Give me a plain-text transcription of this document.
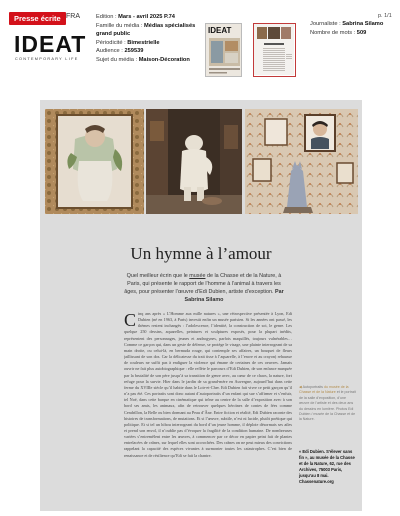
Presse écrite FRA
IDEAT
CONTEMPORARY LIFE
Edition : Mars - avril 2025 P.74
Famille du média : Médias spécialisés grand public
Périodicité : Bimestrielle
Audience : 259539
Sujet du média : Maison-Décoration
IDEAT
Journaliste : Sabrina Silamo
Nombre de mots : 509
p. 1/1
Un hymne à l’amour
Quel meilleur écrin que le musée de la Chasse et de la Nature, à Paris, qui présente le rapport de l’homme à l’animal à travers les âges, pour présenter l’œuvre d’Edi Dubien, artiste d’exception. Par Sabrina Silamo
Cinq ans après « L’Homme aux mille natures », une rétrospective présentée à Lyon, Edi Dubien (né en 1963, à Paris) investit enfin un musée parisien. Si les années ont passé, les thèmes restent inchangés : l’adolescence, l’identité, la construction de soi, le genre. Les quelque 250 dessins, aquarelles, peintures et sculptures exposés, pour la plupart inédits, représentent des personnages, jeunes et androgynes, parfois maquillés, toujours vulnérables… Comme ce garçon qui, dans un geste de défense, se protège le visage, une plainte interrogeant de sa main droite, ou celui-là, en bermuda rouge, qui contemple ses affaires, un bouquet de fleurs jaillissant de son dos. Car la délicatesse du trait tisse à l’aquarelle, à l’encre et au crayon) rehausse de couleurs ne suffit pas à endiguer la violence qui émane de certaines de ces oeuvres. Jamais ouvrir ne fait plus autobiographique : elle reflète le parcours d’Edi Dubien, de son enfance marquée par la brutalité de son père jusqu’à sa transition de genre avec, au cœur de ce chaos, la nature, fort refuge pour la survie. Hier dans le jardin de sa grand-mère en Auvergne, aujourd’hui dans cette ferme du XVIIIe siècle qu’il habite dans le Loir-et-Cher. Edi Dubien fait vivre ce petit garçon qu’il n’a pas été. Ces portraits sont donc autant d’autoportraits d’un enfant qui sue s’affirmer et s’enfuir, tel Noé, dans cette barque en cinématique qui trône au centre de la salle d’exposition avec à son bord ses amis, les animaux, afin de retrouver quelques héroïnes de contes de fées comme Cendrillon, la Belle ou bien dormant au Peau d’Âne. Entre fiction et réalité, Edi Dubien raconte des histoires de transformations, de mutations. Et si l’œuvre, subtile, n’est ni lucide, plutôt poétique qui politique. Et si tel un hibou interrogeant du bord d’un jeune homme, il déploie désormais ses ailes et prend son envol, il n’oublie pas d’évoquer la fragilité de la condition humaine. De nombreuses variées s’entremêlent entre les œuvres, à commencer par ce décor en papier peint fait de plantes entrelacées de crânes, sur lequel elles sont accrochées. Des crânes on ne peut mieux des convictions rappelant la capacité des espèces vivantes à surmonter toutes les catastrophes. C’est bien de renaissance et de résilience qu’Edi se fait la chantre.
◀ Autoportraits du musée de la Chasse et de la Nature et le portrait de la salle d’exposition, d’une œuvre de l’artiste et des deux ans du dessins en lumière. Photos Edi Dubien / musée de la Chasse et de la Nature.
« Edi Dubien. S’élever sans fin », au musée de la Chasse et de la Nature, 62, rue des Archives, 75003 Paris, jusqu’au 8 mai. Chassenature.org
